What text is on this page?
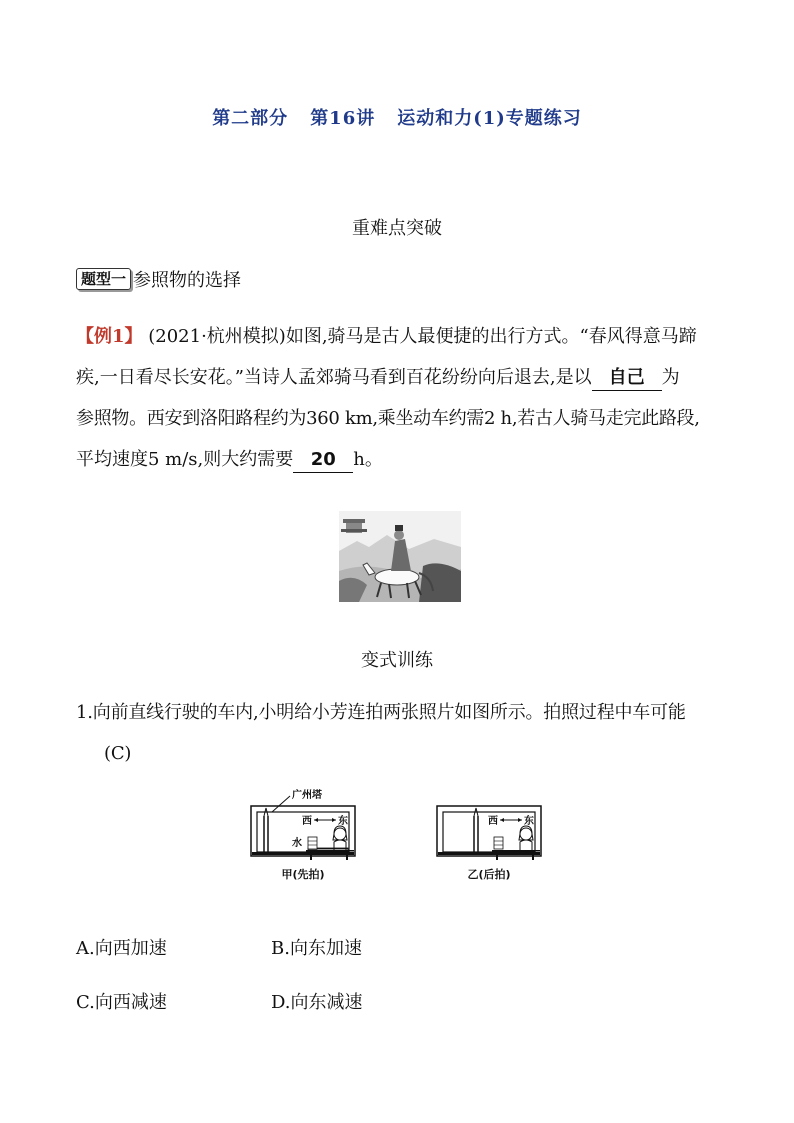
第二部分 第16讲 运动和力(1)专题练习
重难点突破
题型一 参照物的选择
【例1】 (2021·杭州模拟)如图,骑马是古人最便捷的出行方式。“春风得意马蹄
疾,一日看尽长安花。”当诗人孟郊骑马看到百花纷纷向后退去,是以 自己 为
参照物。西安到洛阳路程约为360 km,乘坐动车约需2 h,若古人骑马走完此路段,
平均速度5 m/s,则大约需要 20 h。
变式训练
1.向前直线行驶的车内,小明给小芳连拍两张照片如图所示。拍照过程中车可能
(C)
广州塔
西	东
水
甲(先拍)
西	东
乙(后拍)
A.向西加速	B.向东加速
C.向西减速	D.向东减速
